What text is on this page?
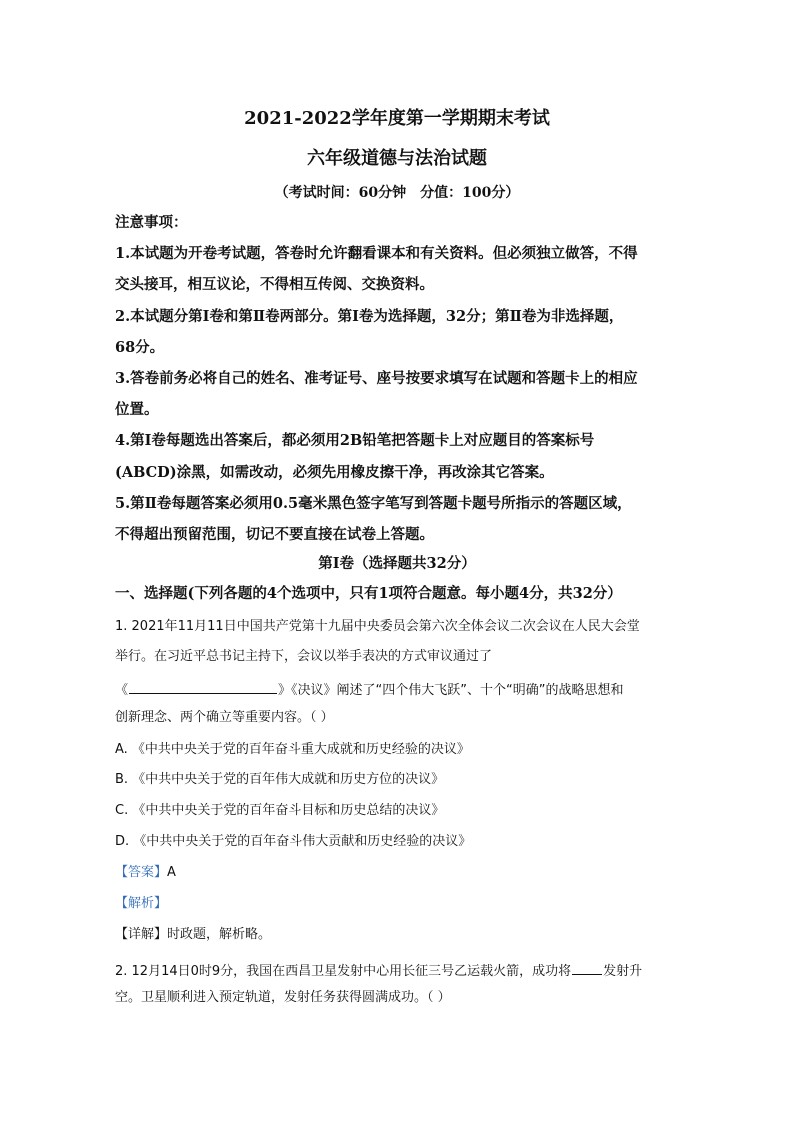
2021-2022学年度第一学期期末考试
六年级道德与法治试题
（考试时间：60分钟　分值：100分）
注意事项：
1.本试题为开卷考试题，答卷时允许翻看课本和有关资料。但必须独立做答，不得
交头接耳，相互议论，不得相互传阅、交换资料。
2.本试题分第Ⅰ卷和第Ⅱ卷两部分。第Ⅰ卷为选择题，32分；第Ⅱ卷为非选择题，
68分。
3.答卷前务必将自己的姓名、准考证号、座号按要求填写在试题和答题卡上的相应
位置。
4.第Ⅰ卷每题选出答案后，都必须用2B铅笔把答题卡上对应题目的答案标号
(ABCD)涂黑，如需改动，必须先用橡皮擦干净，再改涂其它答案。
5.第Ⅱ卷每题答案必须用0.5毫米黑色签字笔写到答题卡题号所指示的答题区域，
不得超出预留范围，切记不要直接在试卷上答题。
第Ⅰ卷（选择题共32分）
一、选择题(下列各题的4个选项中，只有1项符合题意。每小题4分，共32分）
1. 2021年11月11日中国共产党第十九届中央委员会第六次全体会议二次会议在人民大会堂
举行。在习近平总书记主持下，会议以举手表决的方式审议通过了
《	》《决议》阐述了“四个伟大飞跃”、十个“明确”的战略思想和
创新理念、两个确立等重要内容。（ ）
A. 《中共中央关于党的百年奋斗重大成就和历史经验的决议》
B. 《中共中央关于党的百年伟大成就和历史方位的决议》
C. 《中共中央关于党的百年奋斗目标和历史总结的决议》
D. 《中共中央关于党的百年奋斗伟大贡献和历史经验的决议》
【答案】A
【解析】
【详解】时政题，解析略。
2. 12月14日0时9分，我国在西昌卫星发射中心用长征三号乙运载火箭，成功将 发射升
空。卫星顺利进入预定轨道，发射任务获得圆满成功。（ ）
